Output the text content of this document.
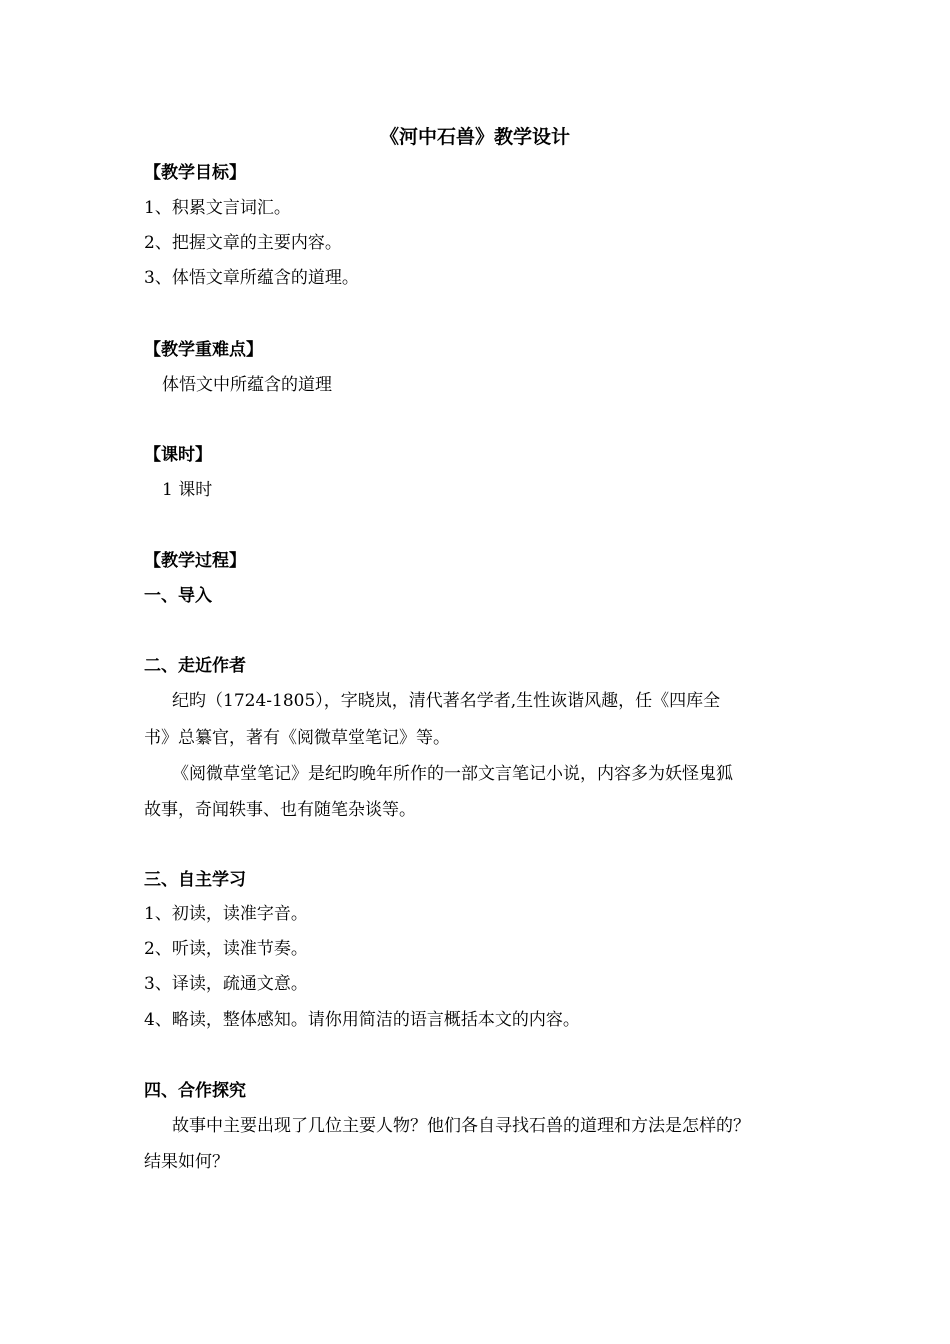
《河中石兽》教学设计
【教学目标】
1、积累文言词汇。
2、把握文章的主要内容。
3、体悟文章所蕴含的道理。
【教学重难点】
体悟文中所蕴含的道理
【课时】
1 课时
【教学过程】
一、导入
二、走近作者
纪昀（1724-1805），字晓岚，清代著名学者,生性诙谐风趣，任《四库全
书》总纂官，著有《阅微草堂笔记》等。
《阅微草堂笔记》是纪昀晚年所作的一部文言笔记小说，内容多为妖怪鬼狐
故事，奇闻轶事、也有随笔杂谈等。
三、自主学习
1、初读，读准字音。
2、听读，读准节奏。
3、译读，疏通文意。
4、略读，整体感知。请你用简洁的语言概括本文的内容。
四、合作探究
故事中主要出现了几位主要人物？他们各自寻找石兽的道理和方法是怎样的？
结果如何？
